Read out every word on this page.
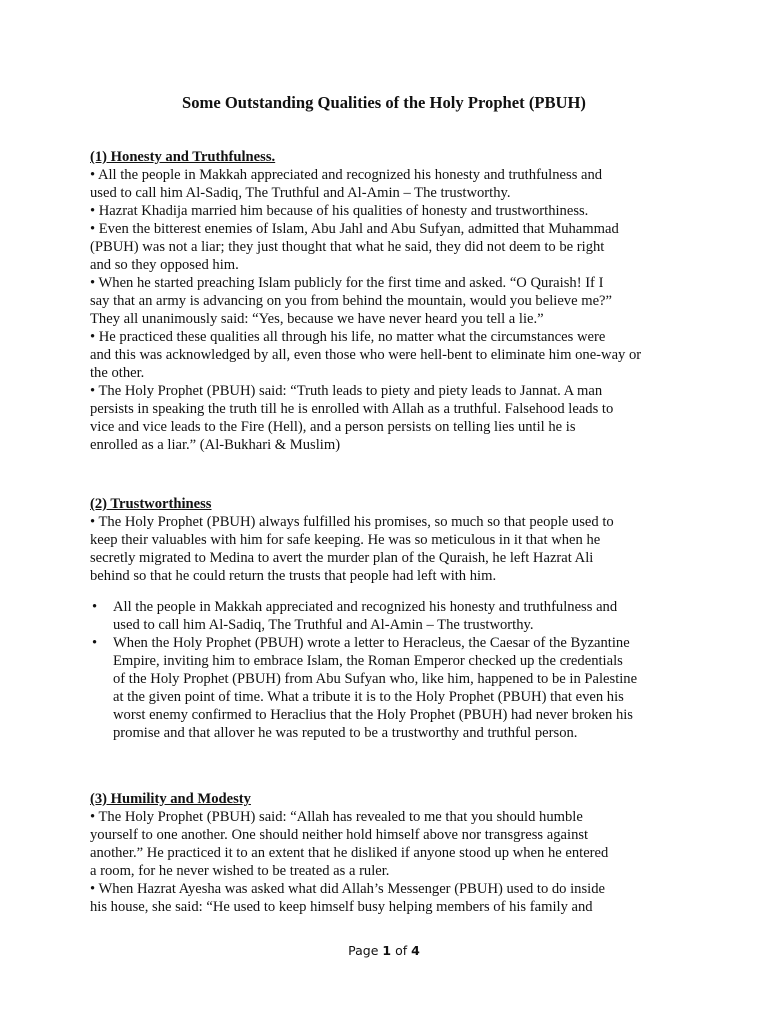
Some Outstanding Qualities of the Holy Prophet (PBUH)

(1) Honesty and Truthfulness.

• All the people in Makkah appreciated and recognized his honesty and truthfulness and
used to call him Al-Sadiq, The Truthful and Al-Amin – The trustworthy.

• Hazrat Khadija married him because of his qualities of honesty and trustworthiness.

• Even the bitterest enemies of Islam, Abu Jahl and Abu Sufyan, admitted that Muhammad
(PBUH) was not a liar; they just thought that what he said, they did not deem to be right
and so they opposed him.

• When he started preaching Islam publicly for the first time and asked. “O Quraish! If I
say that an army is advancing on you from behind the mountain, would you believe me?”
They all unanimously said: “Yes, because we have never heard you tell a lie.”

• He practiced these qualities all through his life, no matter what the circumstances were
and this was acknowledged by all, even those who were hell-bent to eliminate him one-way or
the other.

• The Holy Prophet (PBUH) said: “Truth leads to piety and piety leads to Jannat. A man
persists in speaking the truth till he is enrolled with Allah as a truthful. Falsehood leads to
vice and vice leads to the Fire (Hell), and a person persists on telling lies until he is
enrolled as a liar.” (Al-Bukhari & Muslim)

(2) Trustworthiness

• The Holy Prophet (PBUH) always fulfilled his promises, so much so that people used to
keep their valuables with him for safe keeping. He was so meticulous in it that when he
secretly migrated to Medina to avert the murder plan of the Quraish, he left Hazrat Ali
behind so that he could return the trusts that people had left with him.

• All the people in Makkah appreciated and recognized his honesty and truthfulness and
used to call him Al-Sadiq, The Truthful and Al-Amin – The trustworthy.
• When the Holy Prophet (PBUH) wrote a letter to Heracleus, the Caesar of the Byzantine
Empire, inviting him to embrace Islam, the Roman Emperor checked up the credentials
of the Holy Prophet (PBUH) from Abu Sufyan who, like him, happened to be in Palestine
at the given point of time. What a tribute it is to the Holy Prophet (PBUH) that even his
worst enemy confirmed to Heraclius that the Holy Prophet (PBUH) had never broken his
promise and that allover he was reputed to be a trustworthy and truthful person.

(3) Humility and Modesty

• The Holy Prophet (PBUH) said: “Allah has revealed to me that you should humble
yourself to one another. One should neither hold himself above nor transgress against
another.” He practiced it to an extent that he disliked if anyone stood up when he entered
a room, for he never wished to be treated as a ruler.

• When Hazrat Ayesha was asked what did Allah’s Messenger (PBUH) used to do inside
his house, she said: “He used to keep himself busy helping members of his family and

Page 1 of 4
